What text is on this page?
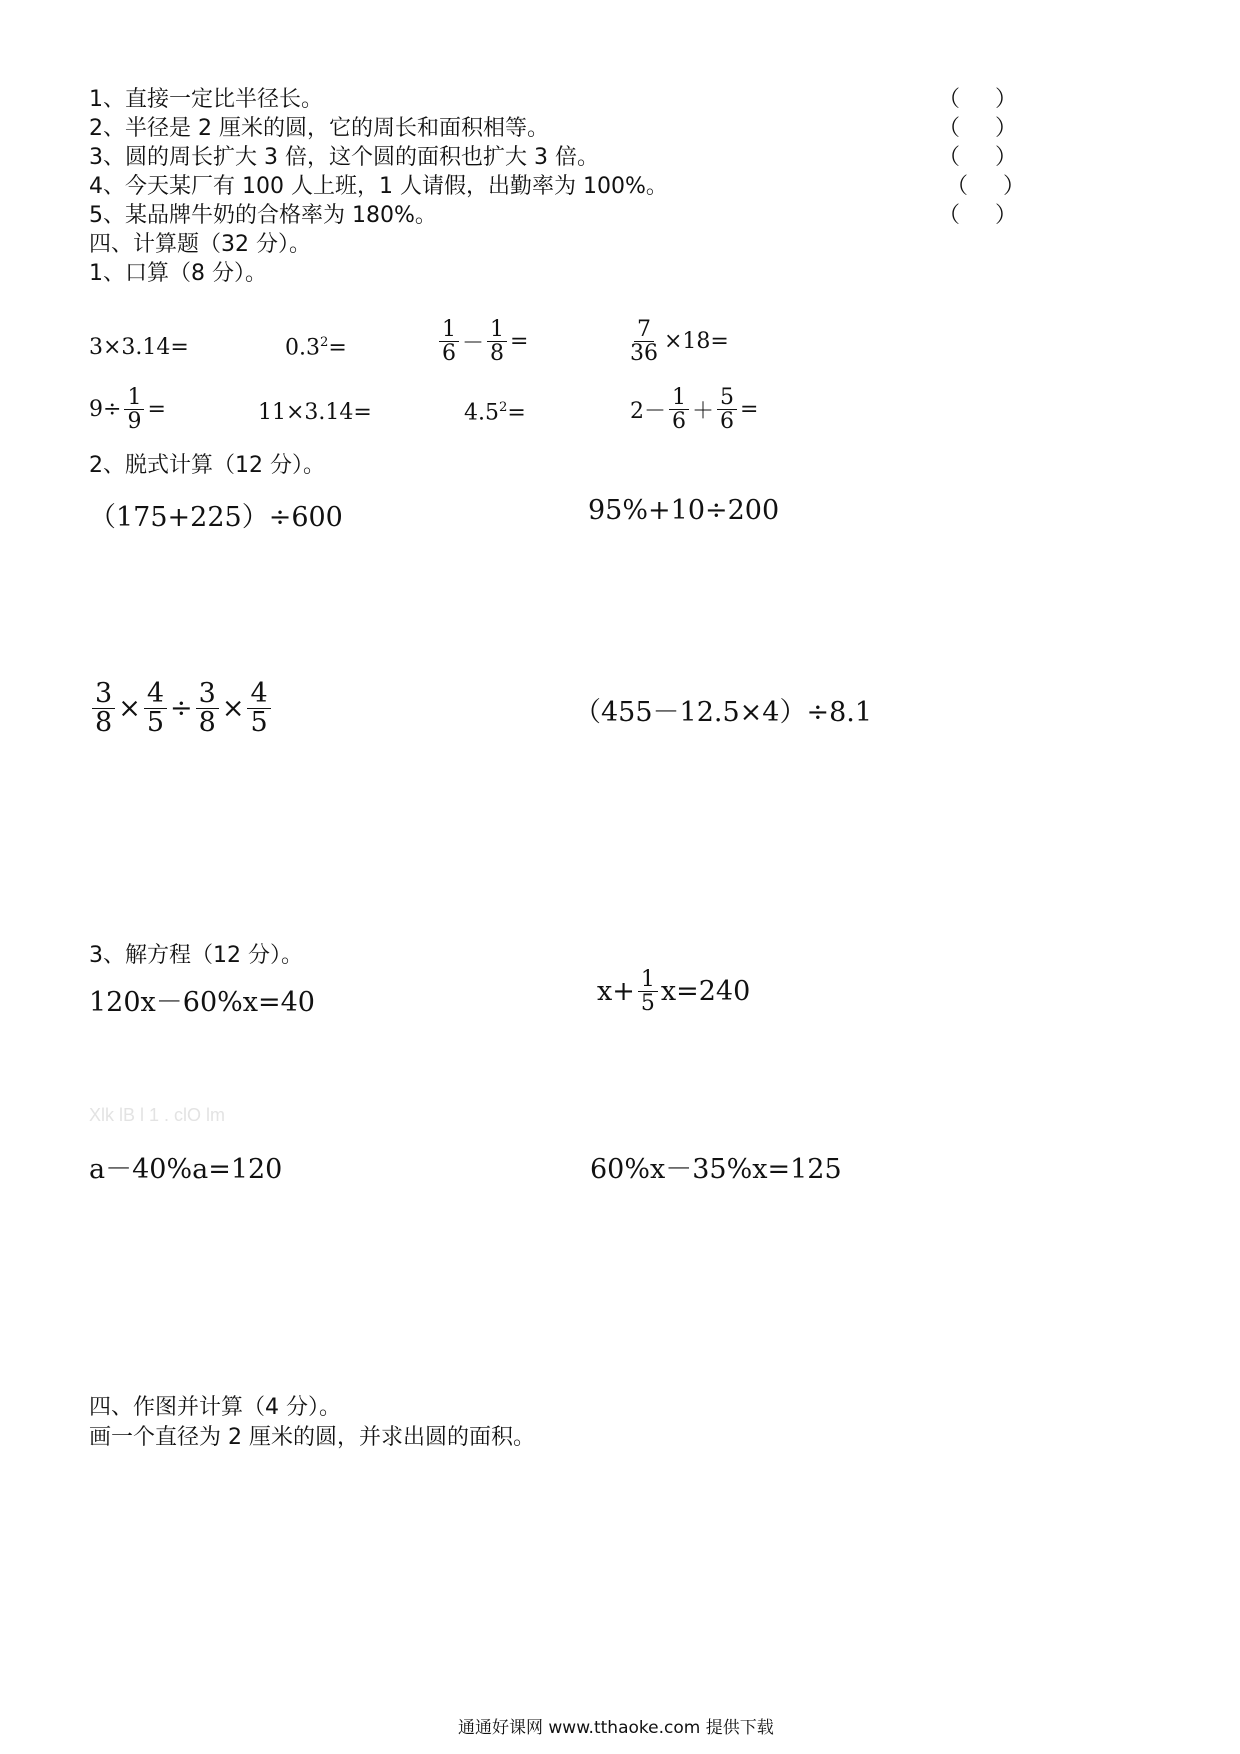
1、直接一定比半径长。	（ ）
2、半径是 2 厘米的圆，它的周长和面积相等。	（ ）
3、圆的周长扩大 3 倍，这个圆的面积也扩大 3 倍。	（ ）
4、今天某厂有 100 人上班，1 人请假，出勤率为 100%。	（ ）
5、某品牌牛奶的合格率为 180%。	（ ）
四、计算题（32 分）。
1、口算（8 分）。
3×3.14=	$0.3^2=$	$\frac{1}{6} - \frac{1}{8}$ =	$\frac{7}{36} \times 18=$
$9\div \frac{1}{9}$ =	11×3.14=	$4.5^2=$	$2- \frac{1}{6} + \frac{5}{6}$ =
2、脱式计算（12 分）。
（175+225）÷600	95%+10÷200
$\frac{3}{8} \times \frac{4}{5} \div \frac{3}{8} \times \frac{4}{5}$	（455－12.5×4）÷8.1
3、解方程（12 分）。
120x－60%x=40	$x+ \frac{1}{5} x=240$
Xlk lB l 1 . clO lm
a－40%a=120	60%x－35%x=125
四、作图并计算（4 分）。
画一个直径为 2 厘米的圆，并求出圆的面积。
通通好课网 www.tthaoke.com 提供下载
